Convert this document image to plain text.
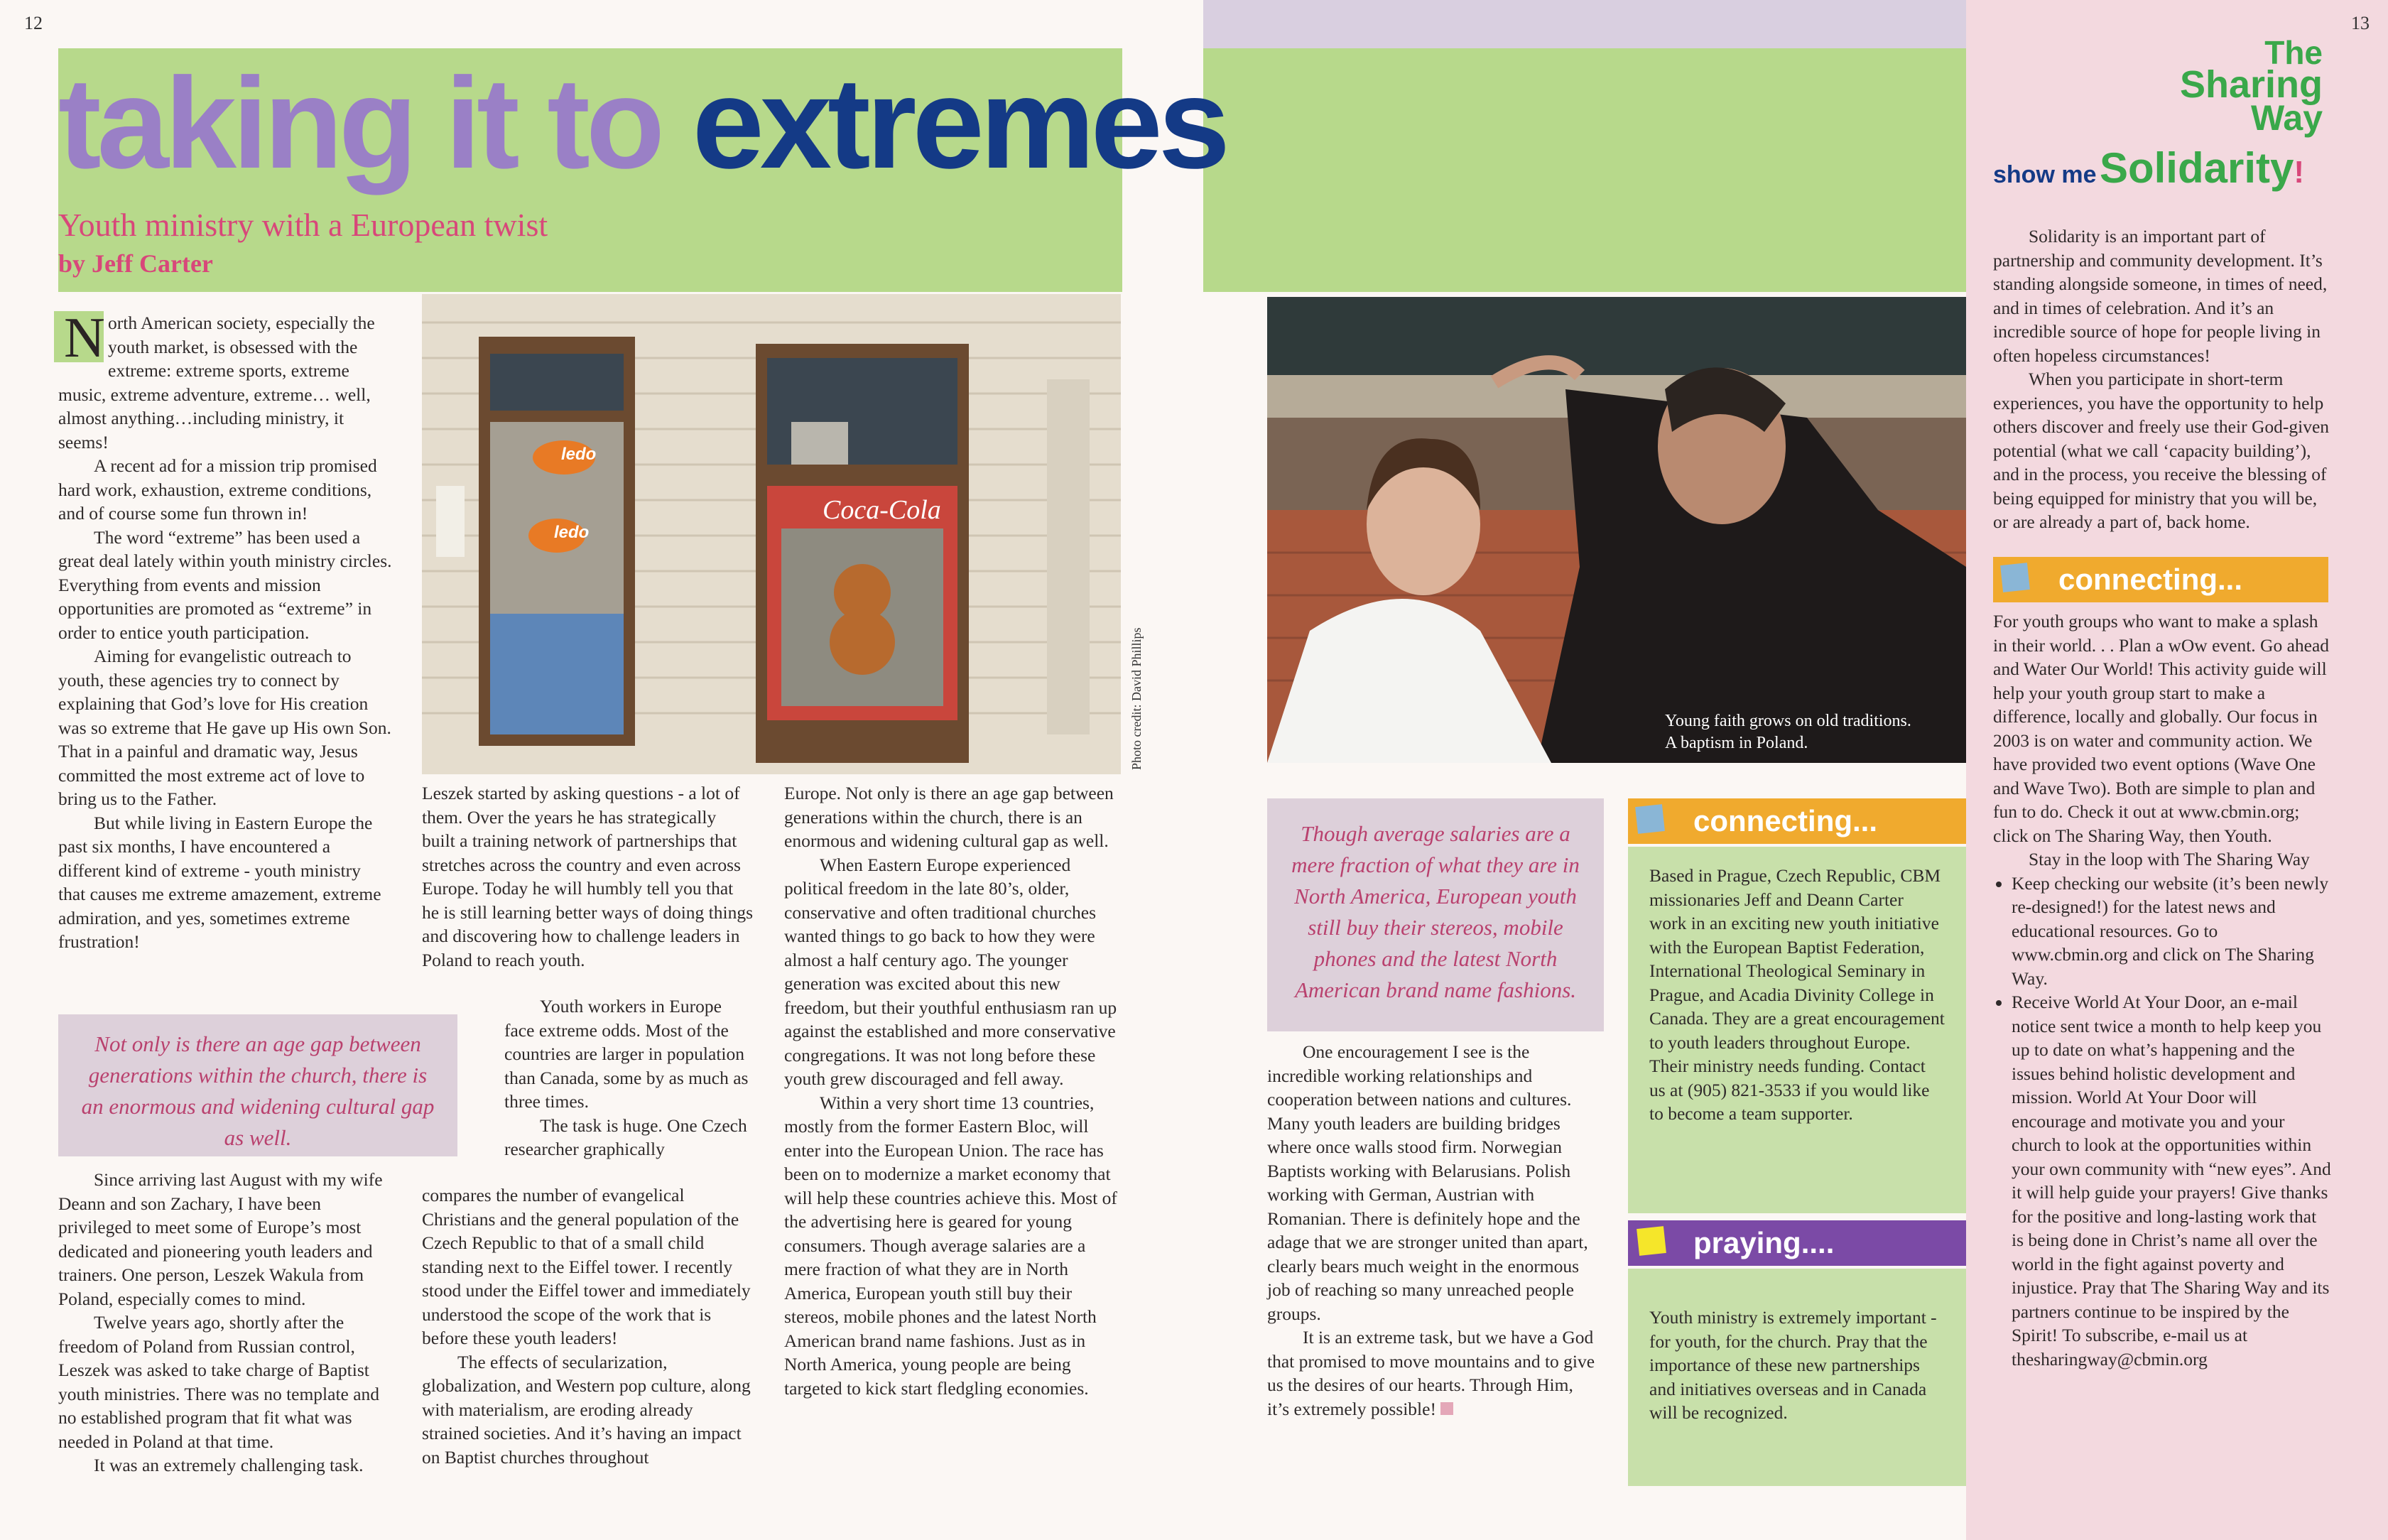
12	13
taking it to extremes
Youth ministry with a European twist
by Jeff Carter

N orth American society, especially the youth market, is obsessed with the extreme: extreme sports, extreme music, extreme adventure, extreme… well, almost anything…including ministry, it seems!

A recent ad for a mission trip promised hard work, exhaustion, extreme conditions, and of course some fun thrown in!

The word “extreme” has been used a great deal lately within youth ministry circles. Everything from events and mission opportunities are promoted as “extreme” in order to entice youth participation.

Aiming for evangelistic outreach to youth, these agencies try to connect by explaining that God’s love for His creation was so extreme that He gave up His own Son. That in a painful and dramatic way, Jesus committed the most extreme act of love to bring us to the Father.

But while living in Eastern Europe the past six months, I have encountered a different kind of extreme - youth ministry that causes me extreme amazement, extreme admiration, and yes, sometimes extreme frustration!

Not only is there an age gap between generations within the church, there is an enormous and widening cultural gap as well.

Since arriving last August with my wife Deann and son Zachary, I have been privileged to meet some of Europe’s most dedicated and pioneering youth leaders and trainers. One person, Leszek Wakula from Poland, especially comes to mind.

Twelve years ago, shortly after the freedom of Poland from Russian control, Leszek was asked to take charge of Baptist youth ministries. There was no template and no established program that fit what was needed in Poland at that time.

It was an extremely challenging task.

ledo
ledo
Coca-Cola
Photo credit: David Phillips

Leszek started by asking questions - a lot of them. Over the years he has strategically built a training network of partnerships that stretches across the country and even across Europe. Today he will humbly tell you that he is still learning better ways of doing things and discovering how to challenge leaders in Poland to reach youth.

Youth workers in Europe face extreme odds. Most of the countries are larger in population than Canada, some by as much as three times.

The task is huge. One Czech researcher graphically

compares the number of evangelical Christians and the general population of the Czech Republic to that of a small child standing next to the Eiffel tower. I recently stood under the Eiffel tower and immediately understood the scope of the work that is before these youth leaders!

The effects of secularization, globalization, and Western pop culture, along with materialism, are eroding already strained societies. And it’s having an impact on Baptist churches throughout

Europe. Not only is there an age gap between generations within the church, there is an enormous and widening cultural gap as well.

When Eastern Europe experienced political freedom in the late 80’s, older, conservative and often traditional churches wanted things to go back to how they were almost a half century ago. The younger generation was excited about this new freedom, but their youthful enthusiasm ran up against the established and more conservative congregations. It was not long before these youth grew discouraged and fell away.

Within a very short time 13 countries, mostly from the former Eastern Bloc, will enter into the European Union. The race has been on to modernize a market economy that will help these countries achieve this. Most of the advertising here is geared for young consumers. Though average salaries are a mere fraction of what they are in North America, European youth still buy their stereos, mobile phones and the latest North American brand name fashions. Just as in North America, young people are being targeted to kick start fledgling economies.

Young faith grows on old traditions.
A baptism in Poland.
Though average salaries are a mere fraction of what they are in North America, European youth still buy their stereos, mobile phones and the latest North American brand name fashions.

One encouragement I see is the incredible working relationships and cooperation between nations and cultures. Many youth leaders are building bridges where once walls stood firm. Norwegian Baptists working with Belarusians. Polish working with German, Austrian with Romanian. There is definitely hope and the adage that we are stronger united than apart, clearly bears much weight in the enormous job of reaching so many unreached people groups.

It is an extreme task, but we have a God that promised to move mountains and to give us the desires of our hearts. Through Him, it’s extremely possible!

connecting...
Based in Prague, Czech Republic, CBM missionaries Jeff and Deann Carter work in an exciting new youth initiative with the European Baptist Federation, International Theological Seminary in Prague, and Acadia Divinity College in Canada. They are a great encouragement to youth leaders throughout Europe. Their ministry needs funding. Contact us at (905) 821-3533 if you would like to become a team supporter.
praying....
Youth ministry is extremely important - for youth, for the church. Pray that the importance of these new partnerships and initiatives overseas and in Canada will be recognized.
The
Sharing
Way
show me Solidarity!

Solidarity is an important part of partnership and community development. It’s standing alongside someone, in times of need, and in times of celebration. And it’s an incredible source of hope for people living in often hopeless circumstances!

When you participate in short-term experiences, you have the opportunity to help others discover and freely use their God-given potential (what we call ‘capacity building’), and in the process, you receive the blessing of being equipped for ministry that you will be, or are already a part of, back home.

connecting...

For youth groups who want to make a splash in their world. . . Plan a wOw event. Go ahead and Water Our World! This activity guide will help your youth group start to make a difference, locally and globally. Our focus in 2003 is on water and community action. We have provided two event options (Wave One and Wave Two). Both are simple to plan and fun to do. Check it out at www.cbmin.org; click on The Sharing Way, then Youth.

Stay in the loop with The Sharing Way

• Keep checking our website (it’s been newly re-designed!) for the latest news and educational resources. Go to www.cbmin.org and click on The Sharing Way.
• Receive World At Your Door, an e-mail notice sent twice a month to help keep you up to date on what’s happening and the issues behind holistic development and mission. World At Your Door will encourage and motivate you and your church to look at the opportunities within your own community with “new eyes”. And it will help guide your prayers! Give thanks for the positive and long-lasting work that is being done in Christ’s name all over the world in the fight against poverty and injustice. Pray that The Sharing Way and its partners continue to be inspired by the Spirit! To subscribe, e-mail us at thesharingway@cbmin.org
